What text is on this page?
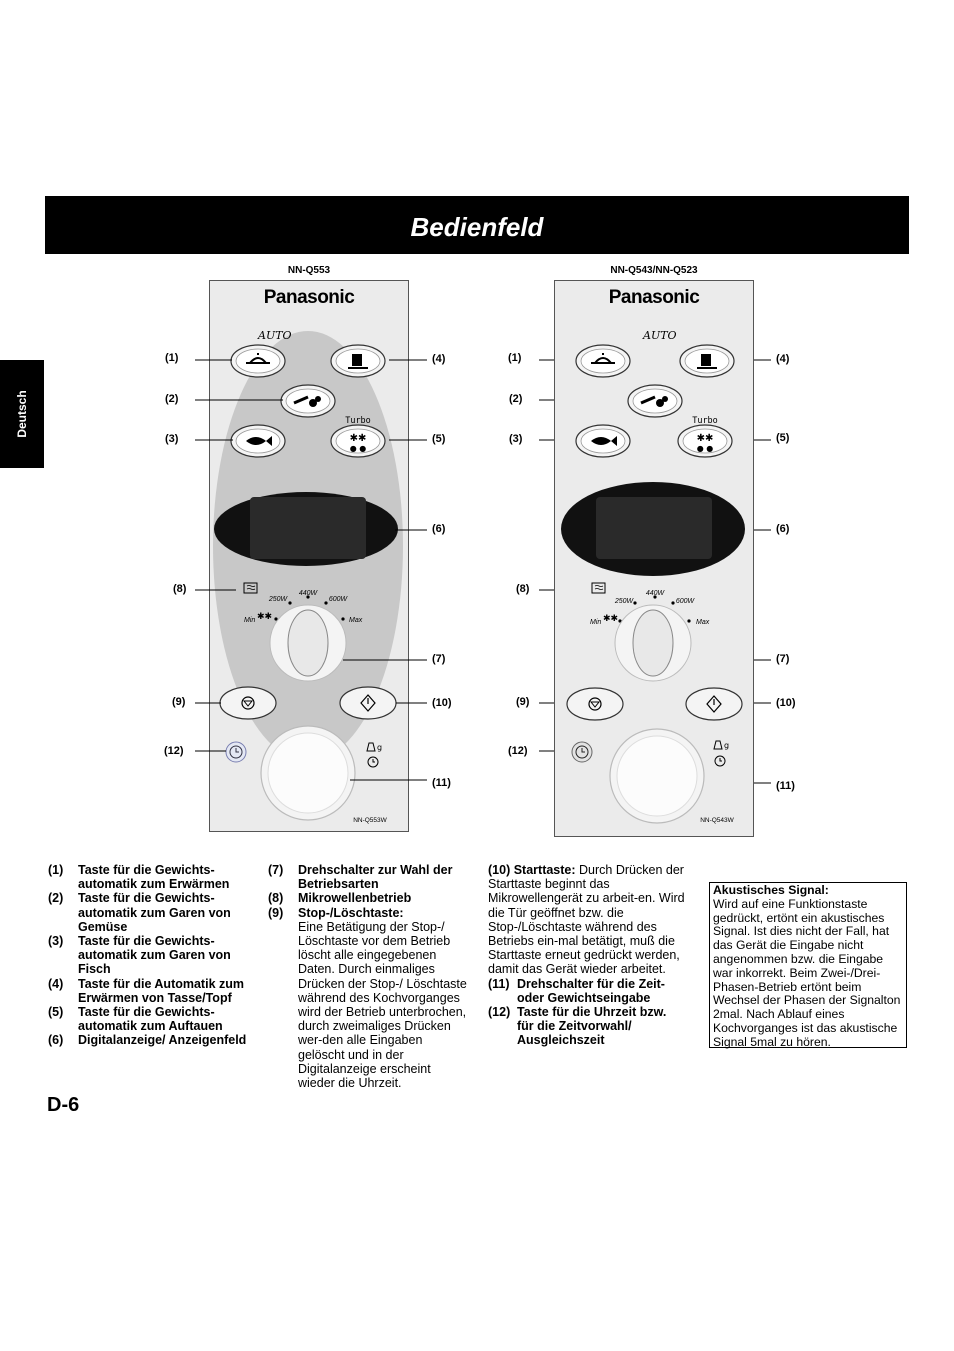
Bedienfeld
Deutsch
NN-Q553
✱✱
● ●
g
AUTO
Turbo
250W
440W
600W
Min	Max
✱✱
NN-Q553W
Panasonic
(1)
(2)
(3)
(4)
(5)
(6)
(7)
(8)
(9)	(10)
(11)
(12)
NN-Q543/NN-Q523
✱✱
● ●
g
AUTO
Turbo
250W
440W
600W
Min	Max
✱✱
NN-Q543W
Panasonic
(1)
(2)
(3)
(4)
(5)
(6)
(7)
(8)
(9)	(10)
(11)
(12)
(1)	Taste für die Gewichts-automatik zum Erwärmen
(2)	Taste für die Gewichts-automatik zum Garen von Gemüse
(3)	Taste für die Gewichts-automatik zum Garen von Fisch
(4)	Taste für die Automatik zum Erwärmen von Tasse/Topf
(5)	Taste für die Gewichts-automatik zum Auftauen
(6)	Digitalanzeige/ Anzeigenfeld
(7)	Drehschalter zur Wahl der Betriebsarten
(8)	Mikrowellenbetrieb
(9)	Stop-/Löschtaste:
Eine Betätigung der Stop-/ Löschtaste vor dem Betrieb löscht alle eingegebenen Daten. Durch einmaliges Drücken der Stop-/ Löschtaste während des Kochvorganges wird der Betrieb unterbrochen, durch zweimaliges Drücken wer-den alle Eingaben gelöscht und in der Digitalanzeige erscheint wieder die Uhrzeit.
(10) Starttaste: Durch Drücken der Starttaste beginnt das Mikrowellengerät zu arbeit-en. Wird die Tür geöffnet bzw. die Stop-/Löschtaste während des Betriebs ein-mal betätigt, muß die Starttaste erneut gedrückt werden, damit das Gerät wieder arbeitet.
(11) Drehschalter für die Zeit- oder Gewichtseingabe
(12) Taste für die Uhrzeit bzw. für die Zeitvorwahl/ Ausgleichszeit
Akustisches Signal:
Wird auf eine Funktionstaste gedrückt, ertönt ein akustisches Signal. Ist dies nicht der Fall, hat das Gerät die Eingabe nicht angenommen bzw. die Eingabe war inkorrekt. Beim Zwei-/Drei-Phasen-Betrieb ertönt beim Wechsel der Phasen der Signalton 2mal. Nach Ablauf eines Kochvorganges ist das akustische Signal 5mal zu hören.
D-6
